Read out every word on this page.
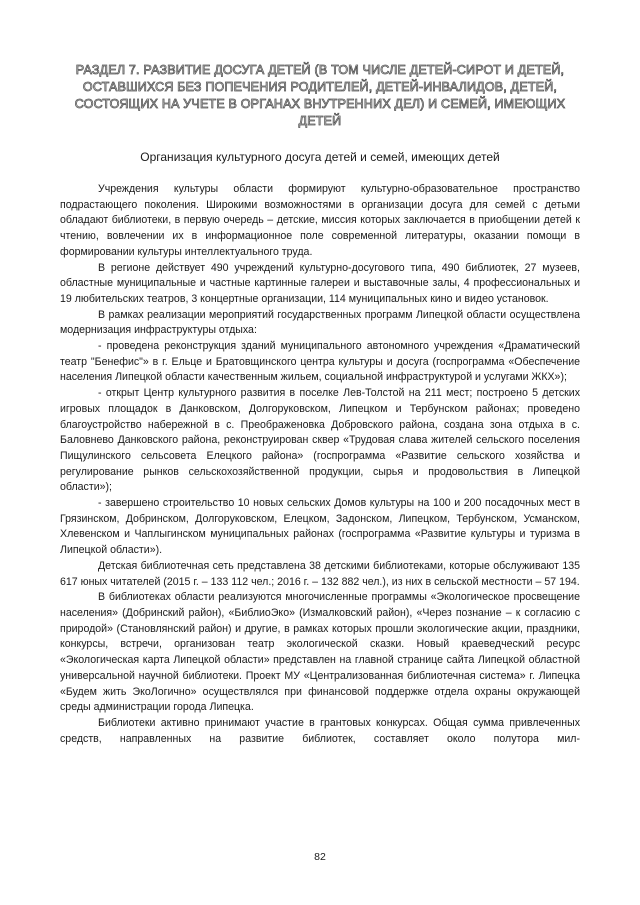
РАЗДЕЛ 7. РАЗВИТИЕ ДОСУГА ДЕТЕЙ (В ТОМ ЧИСЛЕ ДЕТЕЙ-СИРОТ И ДЕТЕЙ, ОСТАВШИХСЯ БЕЗ ПОПЕЧЕНИЯ РОДИТЕЛЕЙ, ДЕТЕЙ-ИНВАЛИДОВ, ДЕТЕЙ, СОСТОЯЩИХ НА УЧЕТЕ В ОРГАНАХ ВНУТРЕННИХ ДЕЛ) И СЕМЕЙ, ИМЕЮЩИХ ДЕТЕЙ
Организация культурного досуга детей и семей, имеющих детей

Учреждения культуры области формируют культурно-образовательное пространство подрастающего поколения. Широкими возможностями в организации досуга для семей с детьми обладают библиотеки, в первую очередь – детские, миссия которых заключается в приобщении детей к чтению, вовлечении их в информационное поле современной литературы, оказании помощи в формировании культуры интеллектуального труда.

В регионе действует 490 учреждений культурно-досугового типа, 490 библиотек, 27 музеев, областные муниципальные и частные картинные галереи и выставочные залы, 4 профессиональных и 19 любительских театров, 3 концертные организации, 114 муниципальных кино и видео установок.

В рамках реализации мероприятий государственных программ Липецкой области осуществлена модернизация инфраструктуры отдыха:

- проведена реконструкция зданий муниципального автономного учреждения «Драматический театр "Бенефис"» в г. Ельце и Братовщинского центра культуры и досуга (госпрограмма «Обеспечение населения Липецкой области качественным жильем, социальной инфраструктурой и услугами ЖКХ»);

- открыт Центр культурного развития в поселке Лев-Толстой на 211 мест; построено 5 детских игровых площадок в Данковском, Долгоруковском, Липецком и Тербунском районах; проведено благоустройство набережной в с. Преображеновка Добровского района, создана зона отдыха в с. Баловнево Данковского района, реконструирован сквер «Трудовая слава жителей сельского поселения Пищулинского сельсовета Елецкого района» (госпрограмма «Развитие сельского хозяйства и регулирование рынков сельскохозяйственной продукции, сырья и продовольствия в Липецкой области»);

- завершено строительство 10 новых сельских Домов культуры на 100 и 200 посадочных мест в Грязинском, Добринском, Долгоруковском, Елецком, Задонском, Липецком, Тербунском, Усманском, Хлевенском и Чаплыгинском муниципальных районах (госпрограмма «Развитие культуры и туризма в Липецкой области»).

Детская библиотечная сеть представлена 38 детскими библиотеками, которые обслуживают 135 617 юных читателей (2015 г. – 133 112 чел.; 2016 г. – 132 882 чел.), из них в сельской местности – 57 194.

В библиотеках области реализуются многочисленные программы «Экологическое просвещение населения» (Добринский район), «БиблиоЭко» (Измалковский район), «Через познание – к согласию с природой» (Становлянский район) и другие, в рамках которых прошли экологические акции, праздники, конкурсы, встречи, организован театр экологической сказки. Новый краеведческий ресурс «Экологическая карта Липецкой области» представлен на главной странице сайта Липецкой областной универсальной научной библиотеки. Проект МУ «Централизованная библиотечная система» г. Липецка «Будем жить ЭкоЛогично» осуществлялся при финансовой поддержке отдела охраны окружающей среды администрации города Липецка.

Библиотеки активно принимают участие в грантовых конкурсах. Общая сумма привлеченных средств, направленных на развитие библиотек, составляет около полутора мил-

82
